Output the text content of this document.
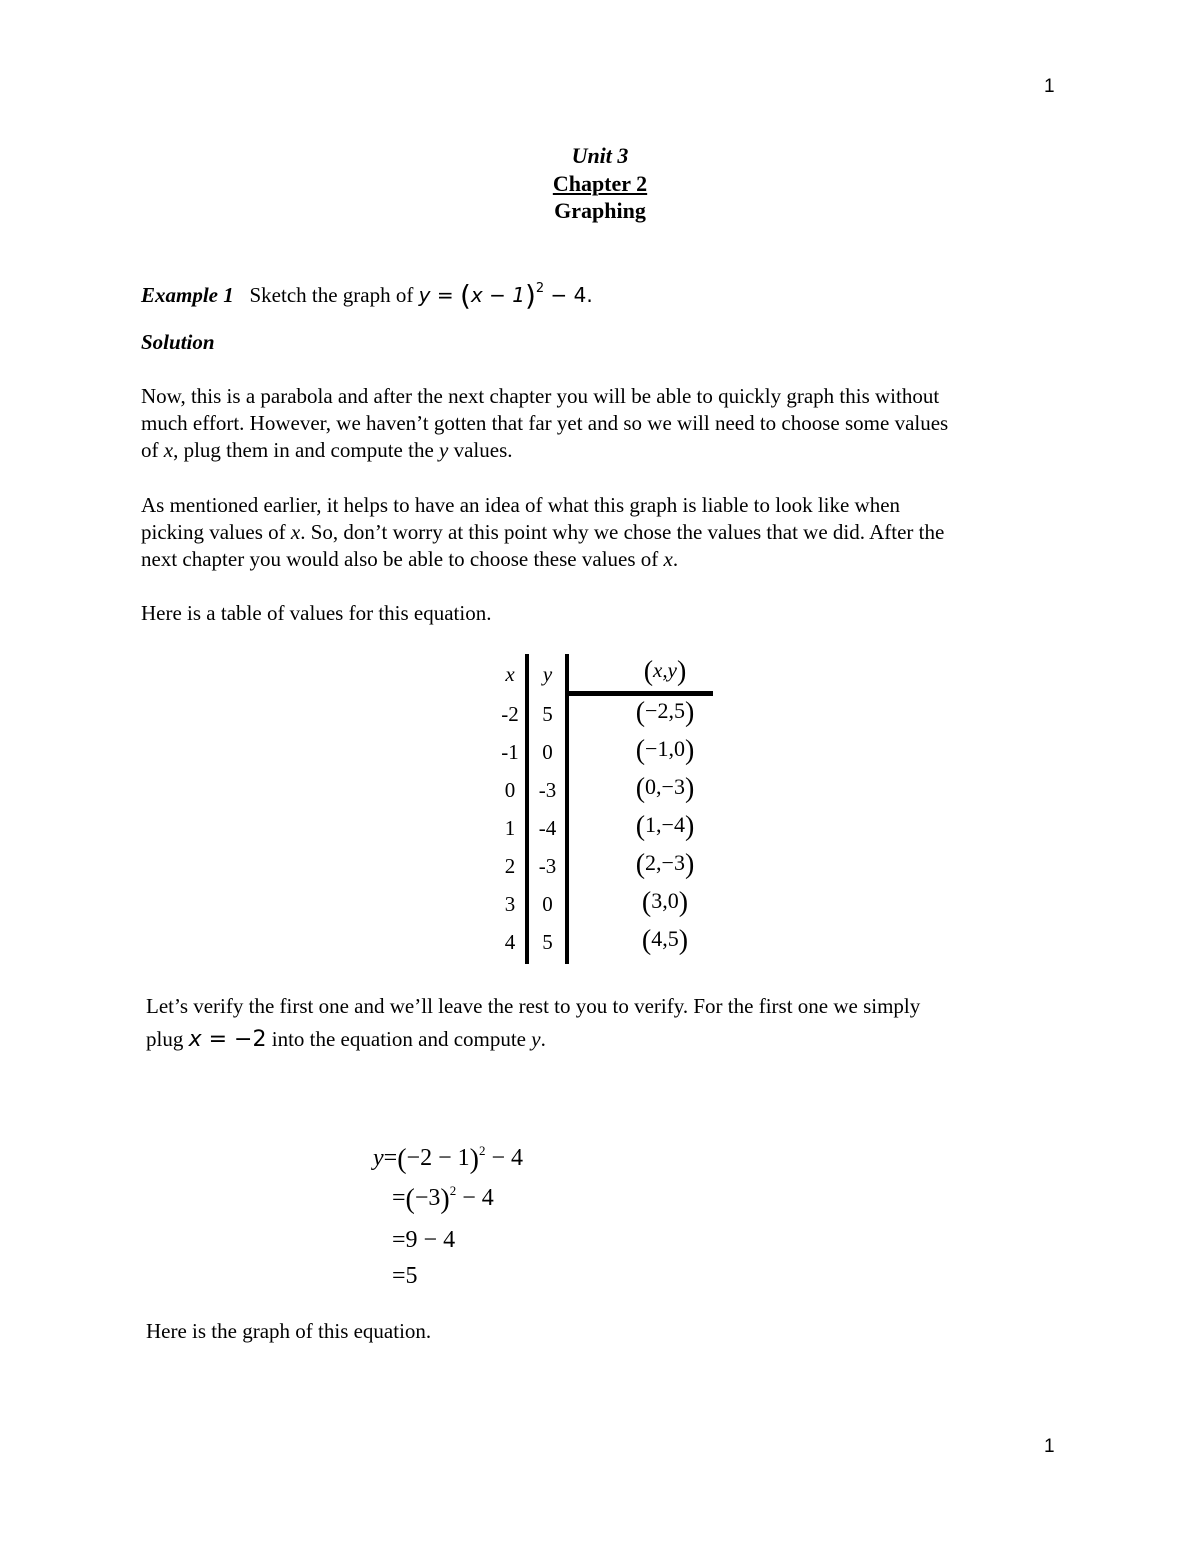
1
1
Unit 3
Chapter 2
Graphing
Example 1 Sketch the graph of $y = (x - 1)^2 - 4$.
Solution
Now, this is a parabola and after the next chapter you will be able to quickly graph this without
much effort. However, we haven’t gotten that far yet and so we will need to choose some values
of x, plug them in and compute the y values.
As mentioned earlier, it helps to have an idea of what this graph is liable to look like when
picking values of x. So, don’t worry at this point why we chose the values that we did. After the
next chapter you would also be able to choose these values of x.
Here is a table of values for this equation.
x	y	(x,y)
-2	5	(−2,5)
-1	0	(−1,0)
0	-3	(0,−3)
1	-4	(1,−4)
2	-3	(2,−3)
3	0	(3,0)
4	5	(4,5)
Let’s verify the first one and we’ll leave the rest to you to verify. For the first one we simply
plug x = −2 into the equation and compute y.
$y=(-2 - 1)^2 - 4$
$=(-3)^2 - 4$
=9 − 4
=5
Here is the graph of this equation.
